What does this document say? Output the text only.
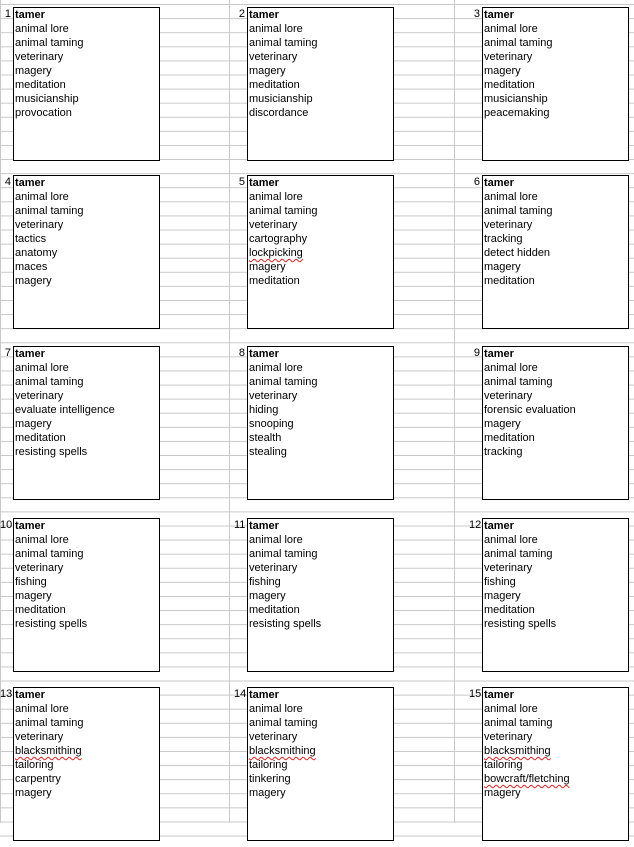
1 tamer
animal lore
animal taming
veterinary
magery
meditation
musicianship
provocation
2 tamer
animal lore
animal taming
veterinary
magery
meditation
musicianship
discordance
3 tamer
animal lore
animal taming
veterinary
magery
meditation
musicianship
peacemaking
4 tamer
animal lore
animal taming
veterinary
tactics
anatomy
maces
magery
5 tamer
animal lore
animal taming
veterinary
cartography
lockpicking
magery
meditation
6 tamer
animal lore
animal taming
veterinary
tracking
detect hidden
magery
meditation
7 tamer
animal lore
animal taming
veterinary
evaluate intelligence
magery
meditation
resisting spells
8 tamer
animal lore
animal taming
veterinary
hiding
snooping
stealth
stealing
9 tamer
animal lore
animal taming
veterinary
forensic evaluation
magery
meditation
tracking
10 tamer
animal lore
animal taming
veterinary
fishing
magery
meditation
resisting spells
11 tamer
animal lore
animal taming
veterinary
fishing
magery
meditation
resisting spells
12 tamer
animal lore
animal taming
veterinary
fishing
magery
meditation
resisting spells
13 tamer
animal lore
animal taming
veterinary
blacksmithing
tailoring
carpentry
magery
14 tamer
animal lore
animal taming
veterinary
blacksmithing
tailoring
tinkering
magery
15 tamer
animal lore
animal taming
veterinary
blacksmithing
tailoring
bowcraft/fletching
magery
